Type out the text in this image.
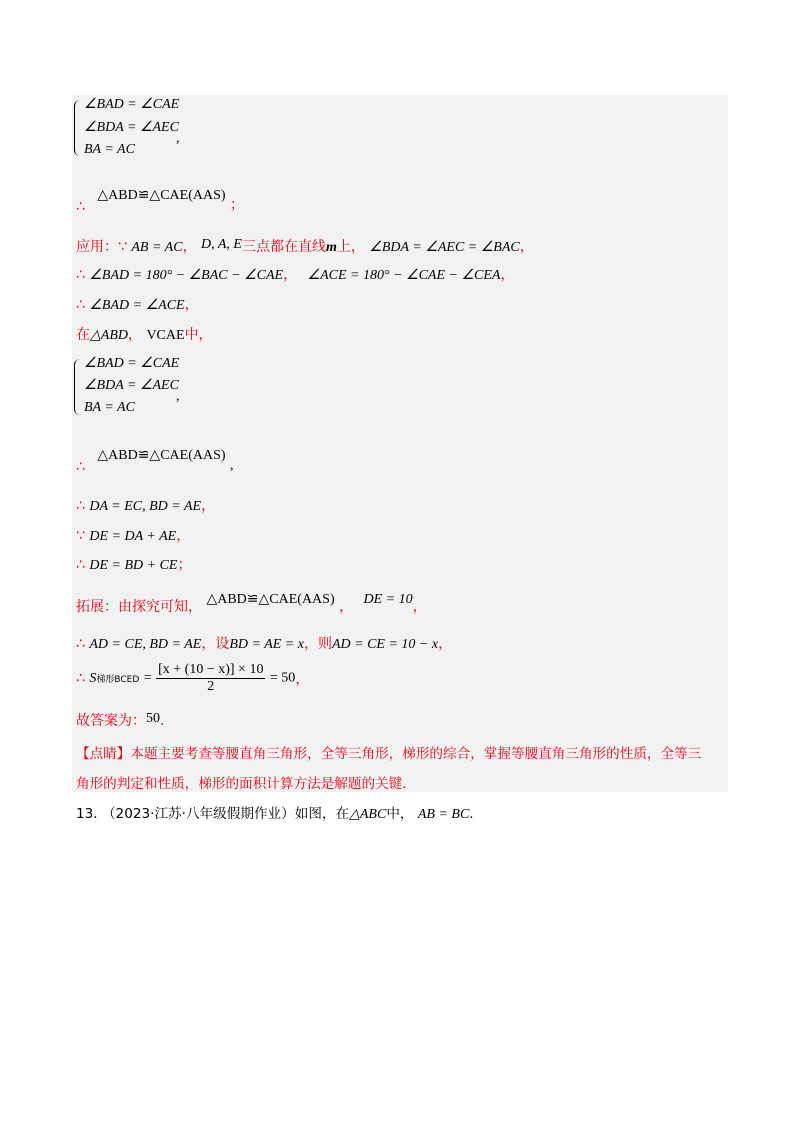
∠BAD = ∠CAE
∠BDA = ∠AEC
BA = AC
,
∴ △ABD≌△CAE(AAS) ；
应用：∵ AB = AC， D, A, E三点都在直线m上， ∠BDA = ∠AEC = ∠BAC，
∴ ∠BAD = 180° − ∠BAC − ∠CAE， ∠ACE = 180° − ∠CAE − ∠CEA，
∴ ∠BAD = ∠ACE，
在△ABD， VCAE中，
∠BAD = ∠CAE
∠BDA = ∠AEC
BA = AC
,
∴ △ABD≌△CAE(AAS) ,
∴ DA = EC, BD = AE，
∵ DE = DA + AE，
∴ DE = BD + CE；
拓展：由探究可知， △ABD≌△CAE(AAS) ， DE = 10，
∴ AD = CE, BD = AE，设BD = AE = x，则AD = CE = 10 − x，
∴ S梯形BCED = $\frac{[x + (10 - x)] \times 10}{2} = 50$，
故答案为：50.
【点睛】本题主要考查等腰直角三角形，全等三角形，梯形的综合，掌握等腰直角三角形的性质，全等三
角形的判定和性质，梯形的面积计算方法是解题的关键.
13. （2023·江苏·八年级假期作业）如图，在△ABC中， AB = BC.
